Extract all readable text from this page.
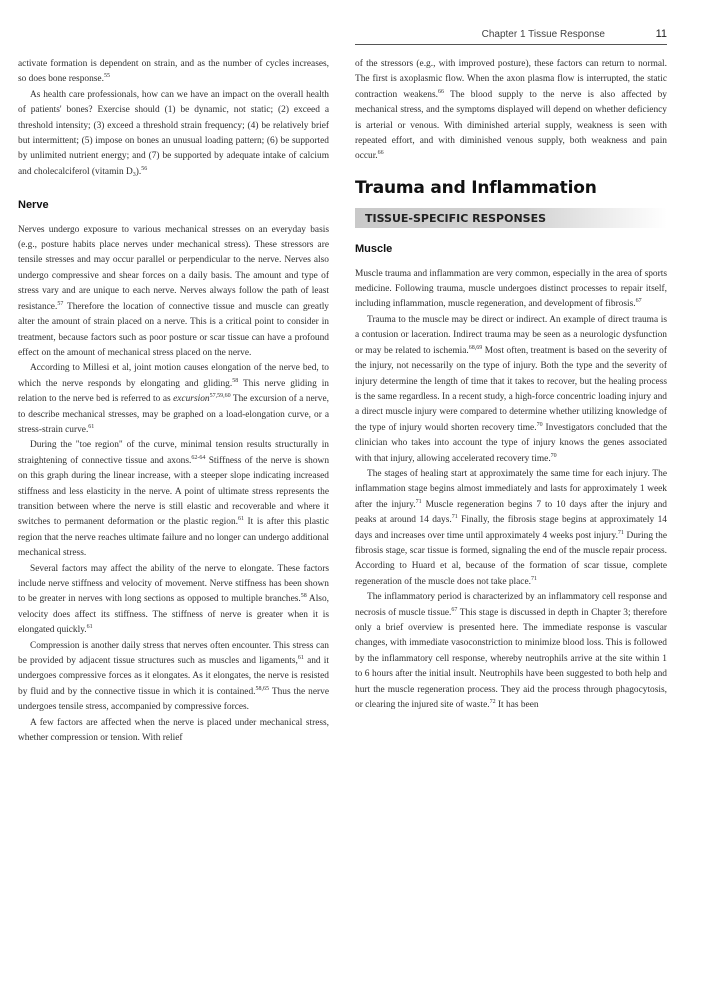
Chapter 1 Tissue Response	11

activate formation is dependent on strain, and as the number of cycles increases, so does bone response.$^{55}$

As health care professionals, how can we have an impact on the overall health of patients' bones? Exercise should (1) be dynamic, not static; (2) exceed a threshold intensity; (3) exceed a threshold strain frequency; (4) be relatively brief but intermittent; (5) impose on bones an unusual loading pattern; (6) be supported by unlimited nutrient energy; and (7) be supported by adequate intake of calcium and cholecalciferol (vitamin $D_3).^{56}$

Nerve

Nerves undergo exposure to various mechanical stresses on an everyday basis (e.g., posture habits place nerves under mechanical stress). These stressors are tensile stresses and may occur parallel or perpendicular to the nerve. Nerves also undergo compressive and shear forces on a daily basis. The amount and type of stress vary and are unique to each nerve. Nerves always follow the path of least resistance.$^{57}$ Therefore the location of connective tissue and muscle can greatly alter the amount of strain placed on a nerve. This is a critical point to consider in treatment, because factors such as poor posture or scar tissue can have a profound effect on the amount of mechanical stress placed on the nerve.

According to Millesi et al, joint motion causes elongation of the nerve bed, to which the nerve responds by elongating and gliding.$^{58}$ This nerve gliding in relation to the nerve bed is referred to as excursion$^{57,59,60}$ The excursion of a nerve, to describe mechanical stresses, may be graphed on a load-elongation curve, or a stress-strain curve.$^{61}$

During the "toe region" of the curve, minimal tension results structurally in straightening of connective tissue and axons.$^{62-64}$ Stiffness of the nerve is shown on this graph during the linear increase, with a steeper slope indicating increased stiffness and less elasticity in the nerve. A point of ultimate stress represents the transition between where the nerve is still elastic and recoverable and where it switches to permanent deformation or the plastic region.$^{61}$ It is after this plastic region that the nerve reaches ultimate failure and no longer can undergo additional mechanical stress.

Several factors may affect the ability of the nerve to elongate. These factors include nerve stiffness and velocity of movement. Nerve stiffness has been shown to be greater in nerves with long sections as opposed to multiple branches.$^{58}$ Also, velocity does affect its stiffness. The stiffness of nerve is greater when it is elongated quickly.$^{61}$

Compression is another daily stress that nerves often encounter. This stress can be provided by adjacent tissue structures such as muscles and ligaments,$^{61}$ and it undergoes compressive forces as it elongates. As it elongates, the nerve is resisted by fluid and by the connective tissue in which it is contained.$^{58,65}$ Thus the nerve undergoes tensile stress, accompanied by compressive forces.

A few factors are affected when the nerve is placed under mechanical stress, whether compression or tension. With relief

of the stressors (e.g., with improved posture), these factors can return to normal. The first is axoplasmic flow. When the axon plasma flow is interrupted, the static contraction weakens.$^{66}$ The blood supply to the nerve is also affected by mechanical stress, and the symptoms displayed will depend on whether deficiency is arterial or venous. With diminished arterial supply, weakness is seen with repeated effort, and with diminished venous supply, both weakness and pain occur.$^{66}$

Trauma and Inflammation
TISSUE-SPECIFIC RESPONSES
Muscle

Muscle trauma and inflammation are very common, especially in the area of sports medicine. Following trauma, muscle undergoes distinct processes to repair itself, including inflammation, muscle regeneration, and development of fibrosis.$^{67}$

Trauma to the muscle may be direct or indirect. An example of direct trauma is a contusion or laceration. Indirect trauma may be seen as a neurologic dysfunction or may be related to ischemia.$^{68,69}$ Most often, treatment is based on the severity of the injury, not necessarily on the type of injury. Both the type and the severity of injury determine the length of time that it takes to recover, but the healing process is the same regardless. In a recent study, a high-force concentric loading injury and a direct muscle injury were compared to determine whether utilizing knowledge of the type of injury would shorten recovery time.$^{70}$ Investigators concluded that the clinician who takes into account the type of injury knows the genes associated with that injury, allowing accelerated recovery time.$^{70}$

The stages of healing start at approximately the same time for each injury. The inflammation stage begins almost immediately and lasts for approximately 1 week after the injury.$^{71}$ Muscle regeneration begins 7 to 10 days after the injury and peaks at around 14 days.$^{71}$ Finally, the fibrosis stage begins at approximately 14 days and increases over time until approximately 4 weeks post injury.$^{71}$ During the fibrosis stage, scar tissue is formed, signaling the end of the muscle repair process. According to Huard et al, because of the formation of scar tissue, complete regeneration of the muscle does not take place.$^{71}$

The inflammatory period is characterized by an inflammatory cell response and necrosis of muscle tissue.$^{67}$ This stage is discussed in depth in Chapter 3; therefore only a brief overview is presented here. The immediate response is vascular changes, with immediate vasoconstriction to minimize blood loss. This is followed by the inflammatory cell response, whereby neutrophils arrive at the site within 1 to 6 hours after the initial insult. Neutrophils have been suggested to both help and hurt the muscle regeneration process. They aid the process through phagocytosis, or clearing the injured site of waste.$^{72}$ It has been
